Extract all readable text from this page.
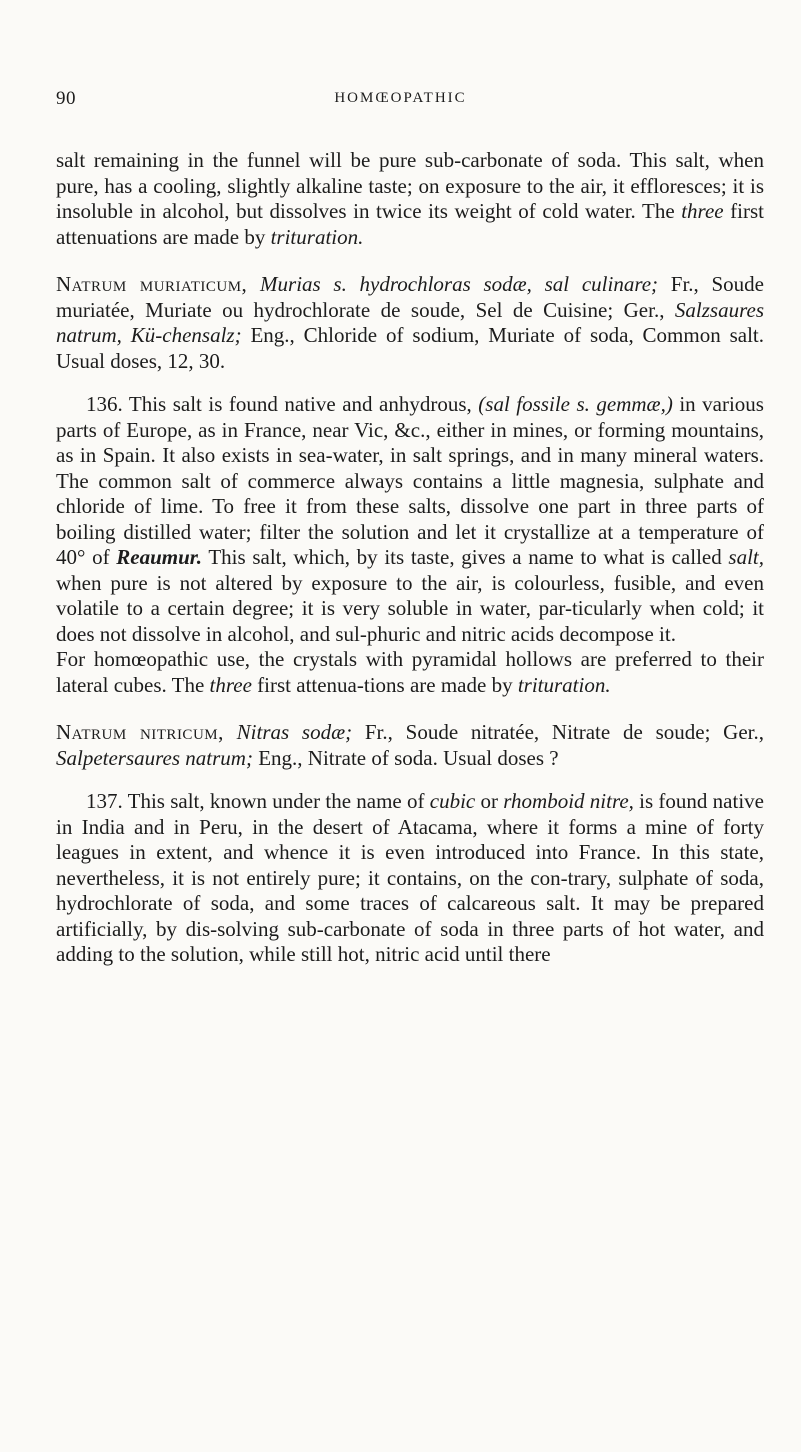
90	HOMŒOPATHIC

salt remaining in the funnel will be pure sub-carbonate of soda. This salt, when pure, has a cooling, slightly alkaline taste; on exposure to the air, it effloresces; it is insoluble in alcohol, but dissolves in twice its weight of cold water. The three first attenuations are made by trituration.

Natrum muriaticum, Murias s. hydrochloras sodæ, sal culinare; Fr., Soude muriatée, Muriate ou hydrochlorate de soude, Sel de Cuisine; Ger., Salzsaures natrum, Kü-chensalz; Eng., Chloride of sodium, Muriate of soda, Common salt. Usual doses, 12, 30.

136. This salt is found native and anhydrous, (sal fossile s. gemmæ,) in various parts of Europe, as in France, near Vic, &c., either in mines, or forming mountains, as in Spain. It also exists in sea-water, in salt springs, and in many mineral waters. The common salt of commerce always contains a little magnesia, sulphate and chloride of lime. To free it from these salts, dissolve one part in three parts of boiling distilled water; filter the solution and let it crystallize at a temperature of 40° of Reaumur. This salt, which, by its taste, gives a name to what is called salt, when pure is not altered by exposure to the air, is colourless, fusible, and even volatile to a certain degree; it is very soluble in water, par-ticularly when cold; it does not dissolve in alcohol, and sul-phuric and nitric acids decompose it.

For homœopathic use, the crystals with pyramidal hollows are preferred to their lateral cubes. The three first attenua-tions are made by trituration.

Natrum nitricum, Nitras sodæ; Fr., Soude nitratée, Nitrate de soude; Ger., Salpetersaures natrum; Eng., Nitrate of soda. Usual doses ?

137. This salt, known under the name of cubic or rhomboid nitre, is found native in India and in Peru, in the desert of Atacama, where it forms a mine of forty leagues in extent, and whence it is even introduced into France. In this state, nevertheless, it is not entirely pure; it contains, on the con-trary, sulphate of soda, hydrochlorate of soda, and some traces of calcareous salt. It may be prepared artificially, by dis-solving sub-carbonate of soda in three parts of hot water, and adding to the solution, while still hot, nitric acid until there
